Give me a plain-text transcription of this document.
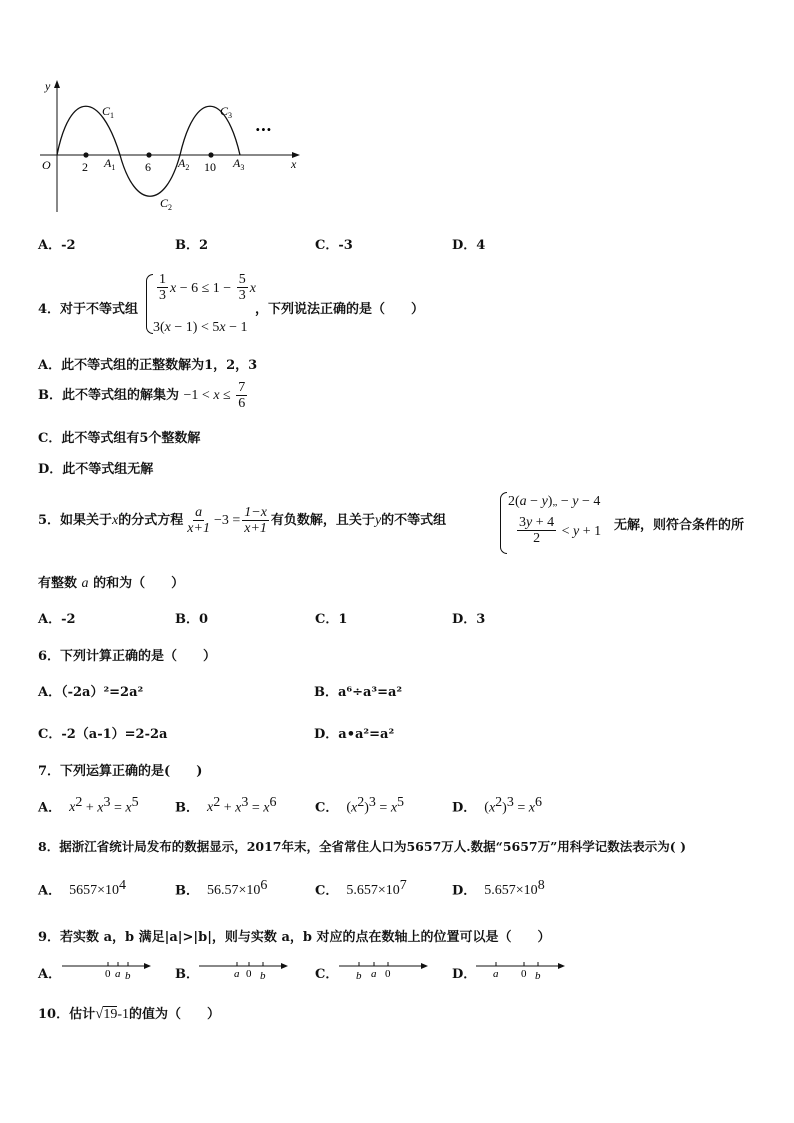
y
x
O	2	6	10
$A_1$	$A_2$	$A_3$
$C_1$
$C_2$
$C_3$
···
A．-2	B．2	C．-3	D．4
4．对于不等式组
$\frac{1}{3}$ $x - 6 \le 1 - \frac{5}{3}$ x
3(x − 1) < 5x − 1
，下列说法正确的是（　　）
A．此不等式组的正整数解为1，2，3
B．此不等式组的解集为 $-1 < x \le \frac{7}{6}$
C．此不等式组有5个整数解
D．此不等式组无解
5．如果关于x的分式方程 $\frac{a}{x+1} -3 = \frac{1-x}{x+1}$ 有负数解，且关于y的不等式组
2(a − y)„ − y − 4
$\frac{3y + 4}{2} < y + 1$ 无解，则符合条件的所
有整数 a 的和为（　　）
A．-2	B．0	C．1	D．3
6．下列计算正确的是（　　）
A．（-2a）²=2a²	B．a⁶÷a³=a²
C．-2（a-1）=2-2a	D．a•a²=a²
7．下列运算正确的是(　　)
A． $x^2 + x^3 = x^5$	B． $x^2 + x^3 = x^6$	C． $(x^2)^3 = x^5$	D． $(x^2)^3 = x^6$
8．据浙江省统计局发布的数据显示，2017年末，全省常住人口为5657万人.数据“5657万”用科学记数法表示为( )
A． $5657\times 10^4$	B． $56.57\times 10^6$	C． $5.657\times 10^7$	D． $5.657\times 10^8$
9．若实数 a，b 满足|a|>|b|，则与实数 a，b 对应的点在数轴上的位置可以是（　　）
A．	0 a b	B．	a 0 b	C． b a 0	D． a 0 b
10．估计√19-1的值为（　　）
